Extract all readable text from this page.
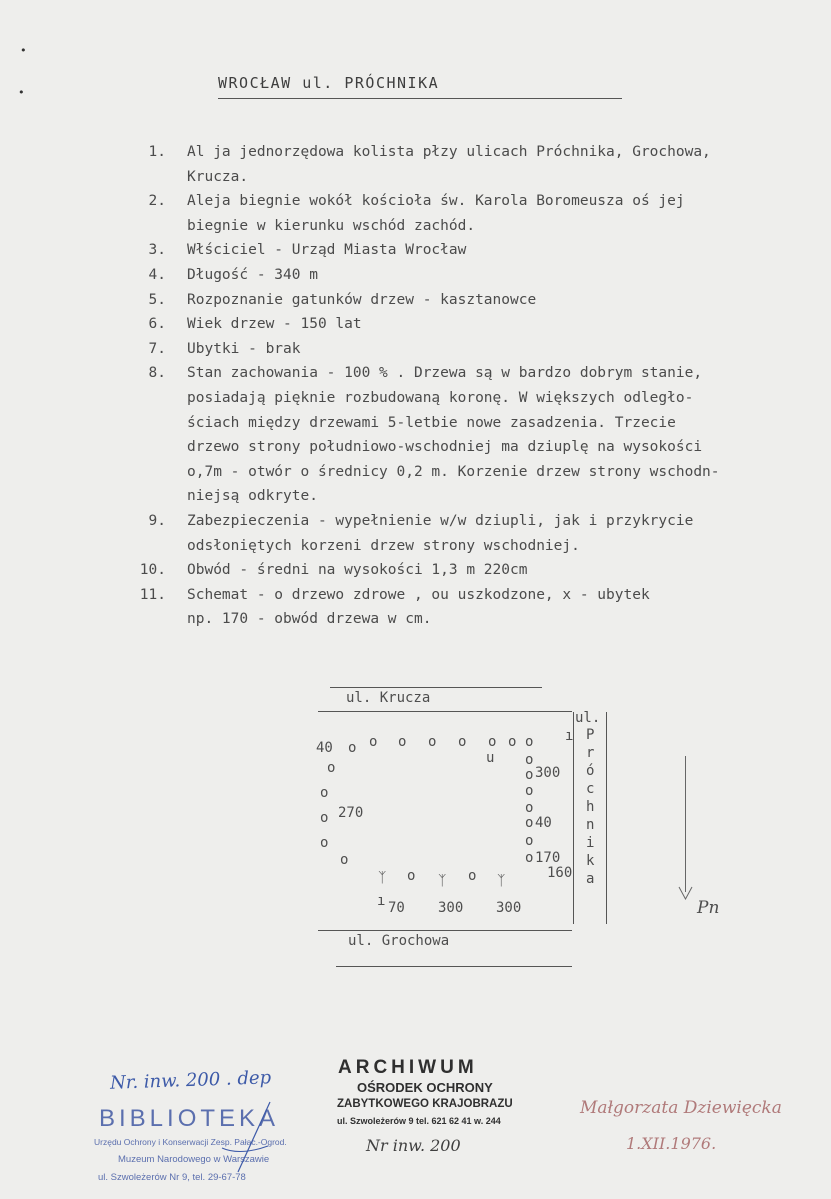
•
•
WROCŁAW ul. PRÓCHNIKA
1. Al ja jednorzędowa kolista płzy ulicach Próchnika, Grochowa,
Krucza.
2. Aleja biegnie wokół kościoła św. Karola Boromeusza oś jej
biegnie w kierunku wschód zachód.
3. Włściciel - Urząd Miasta Wrocław
4. Długość - 340 m
5. Rozpoznanie gatunków drzew - kasztanowce
6. Wiek drzew - 150 lat
7. Ubytki - brak
8. Stan zachowania - 100 % . Drzewa są w bardzo dobrym stanie,
posiadają pięknie rozbudowaną koronę. W większych odległo-
ściach między drzewami 5-letbie nowe zasadzenia. Trzecie
drzewo strony południowo-wschodniej ma dziuplę na wysokości
o,7m - otwór o średnicy 0,2 m. Korzenie drzew strony wschodn-
niejsą odkryte.
9. Zabezpieczenia - wypełnienie w/w dziupli, jak i przykrycie
odsłoniętych korzeni drzew strony wschodniej.
10. Obwód - średni na wysokości 1,3 m 220cm
11. Schemat - o drzewo zdrowe , ou uszkodzone, x - ubytek
np. 170 - obwód drzewa w cm.
ul. Krucza
ul.
P
r
ó
c
h
n
i
k
a
Pn
o o o o o o o o
u
o
o
o
o
o
o
o
o
o
o
o
o
o	o
ᛉ	ᛉ	ᛉ
40
270
300
40
170
160
70 300 300
ı
ı
ul. Grochowa
Nr. inw. 200 . dep
BIBLIOTEKA
Urzędu Ochrony i Konserwacji Zesp. Pałac.-Ogrod.
Muzeum Narodowego w Warszawie
ul. Szwoleżerów Nr 9, tel. 29-67-78
ARCHIWUM
OŚRODEK OCHRONY
ZABYTKOWEGO KRAJOBRAZU
ul. Szwoleżerów 9 tel. 621 62 41 w. 244
Nr inw. 200
Małgorzata Dziewięcka
1.XII.1976.
